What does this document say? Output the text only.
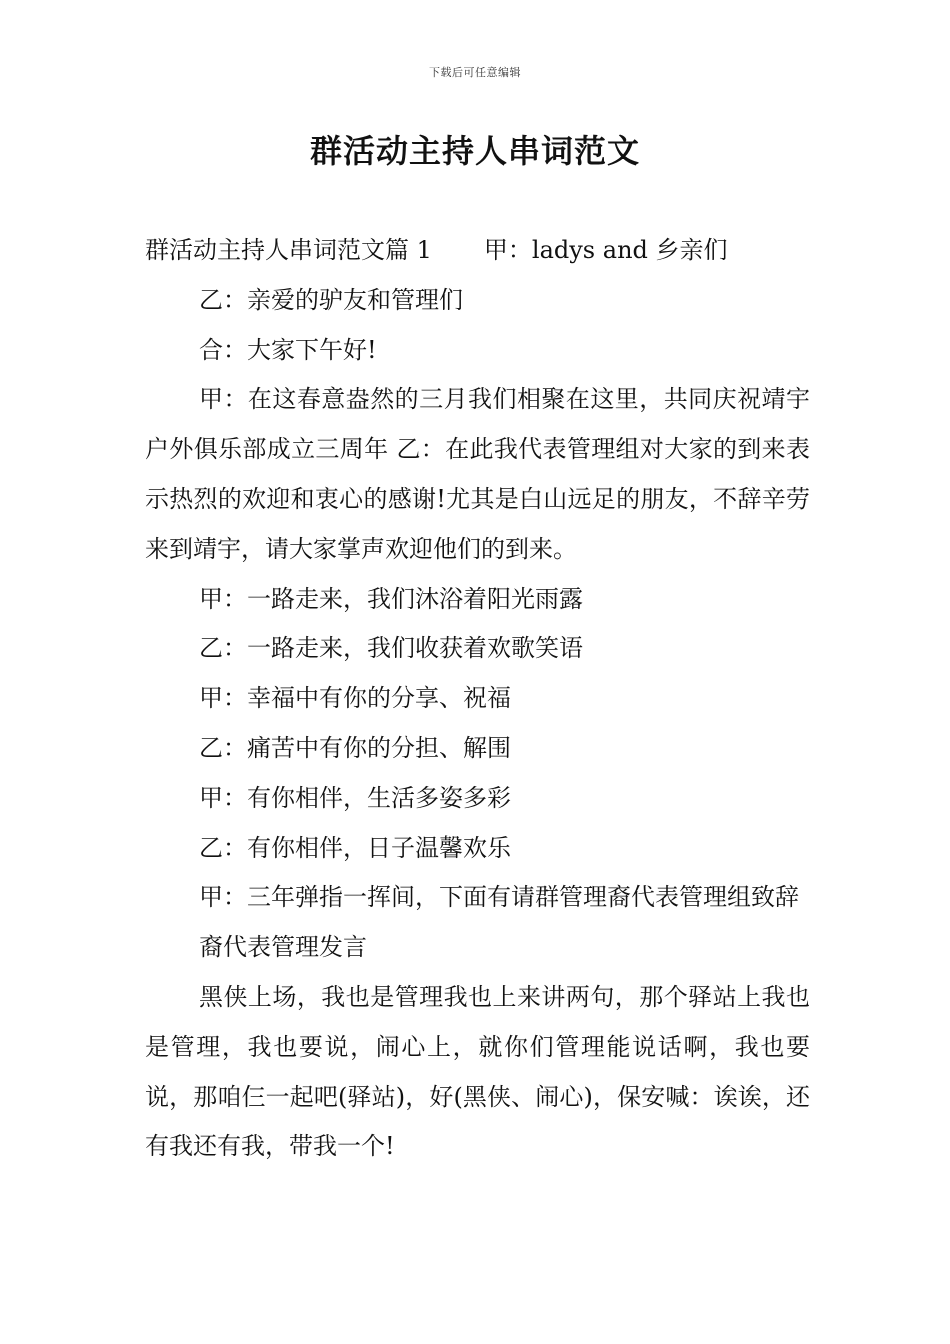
下载后可任意编辑
群活动主持人串词范文

群活动主持人串词范文篇 1 甲：ladys and 乡亲们

乙：亲爱的驴友和管理们

合：大家下午好!

甲：在这春意盎然的三月我们相聚在这里，共同庆祝靖宇户外俱乐部成立三周年 乙：在此我代表管理组对大家的到来表示热烈的欢迎和衷心的感谢!尤其是白山远足的朋友，不辞辛劳来到靖宇，请大家掌声欢迎他们的到来。

甲：一路走来，我们沐浴着阳光雨露

乙：一路走来，我们收获着欢歌笑语

甲：幸福中有你的分享、祝福

乙：痛苦中有你的分担、解围

甲：有你相伴，生活多姿多彩

乙：有你相伴，日子温馨欢乐

甲：三年弹指一挥间，下面有请群管理裔代表管理组致辞

裔代表管理发言

黑侠上场，我也是管理我也上来讲两句，那个驿站上我也是管理，我也要说，闹心上，就你们管理能说话啊，我也要说，那咱仨一起吧(驿站)，好(黑侠、闹心)，保安喊：诶诶，还有我还有我，带我一个!
